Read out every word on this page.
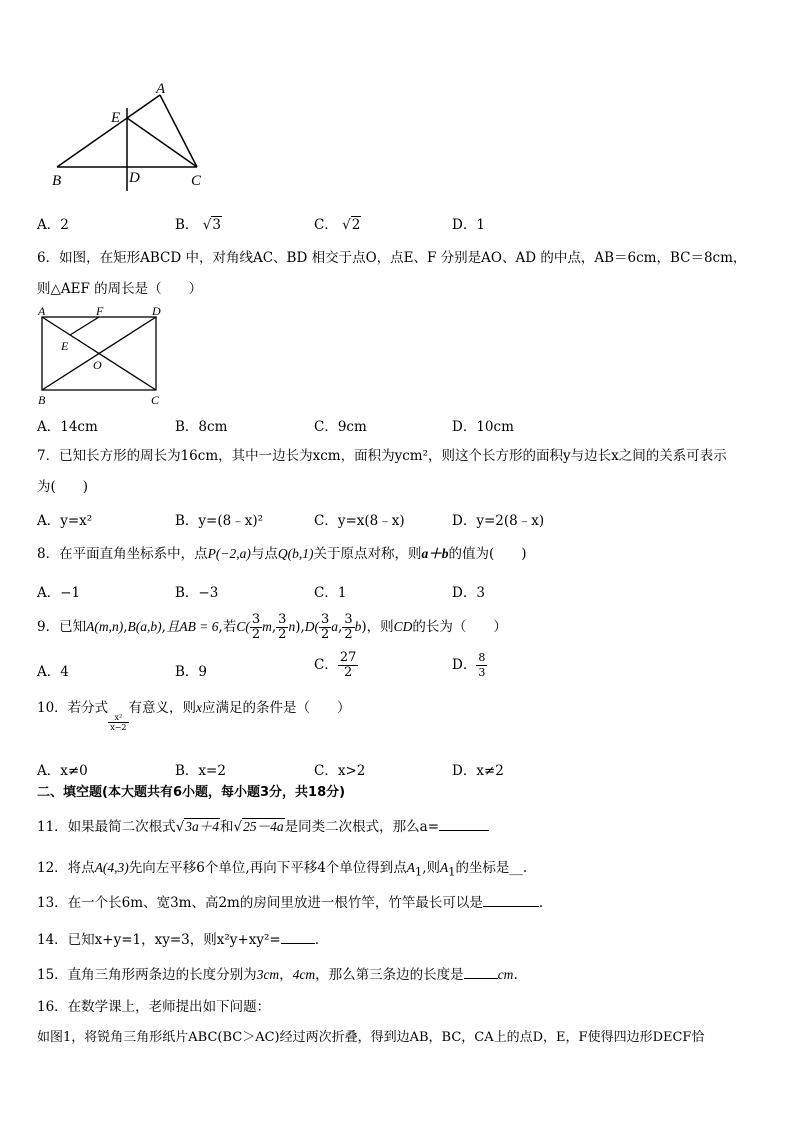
A
E
B	D	C
A．2	B． √3	C． √2	D．1
6．如图，在矩形ABCD 中，对角线AC、BD 相交于点O，点E、F 分别是AO、AD 的中点，AB＝6cm，BC＝8cm，
则△AEF 的周长是（　　）
A	F	D
E
O
B	C
A．14cm	B．8cm	C．9cm	D．10cm
7．已知长方形的周长为16cm，其中一边长为xcm，面积为ycm²，则这个长方形的面积y与边长x之间的关系可表示
为(　　)
A．y=x²	B．y=(8﹣x)²	C．y=x(8﹣x)	D．y=2(8﹣x)
8．在平面直角坐标系中，点P(−2,a)与点Q(b,1)关于原点对称，则a＋b的值为(　　)
A．−1	B．−3	C．1	D．3
9．已知A(m,n),B(a,b),且AB = 6,若$C( \frac{3}{2} m$, $\frac{3}{2} n),D( \frac{3}{2} a$, $\frac{3}{2} b$)，则CD的长为（　　）
A．4	B．9	C． $\frac{27}{2}$	D． $\frac{8}{3}$
10．若分式
$\frac{\text{x²}}{x-2}$
有意义，则x应满足的条件是（　　）
A．x≠0	B．x=2	C．x>2	D．x≠2
二、填空题(本大题共有6小题，每小题3分，共18分)
11．如果最简二次根式√3a＋4和√25－4a是同类二次根式，那么a=
12．将点A(4,3)先向左平移6个单位,再向下平移4个单位得到点$A_1$,则$A_1$的坐标是__.
13．在一个长6m、宽3m、高2m的房间里放进一根竹竿，竹竿最长可以是	.
14．已知x+y=1，xy=3，则x²y+xy²=	.
15．直角三角形两条边的长度分别为3cm，4cm，那么第三条边的长度是	cm.
16．在数学课上，老师提出如下问题：
如图1，将锐角三角形纸片ABC(BC＞AC)经过两次折叠，得到边AB，BC，CA上的点D，E，F使得四边形DECF恰
